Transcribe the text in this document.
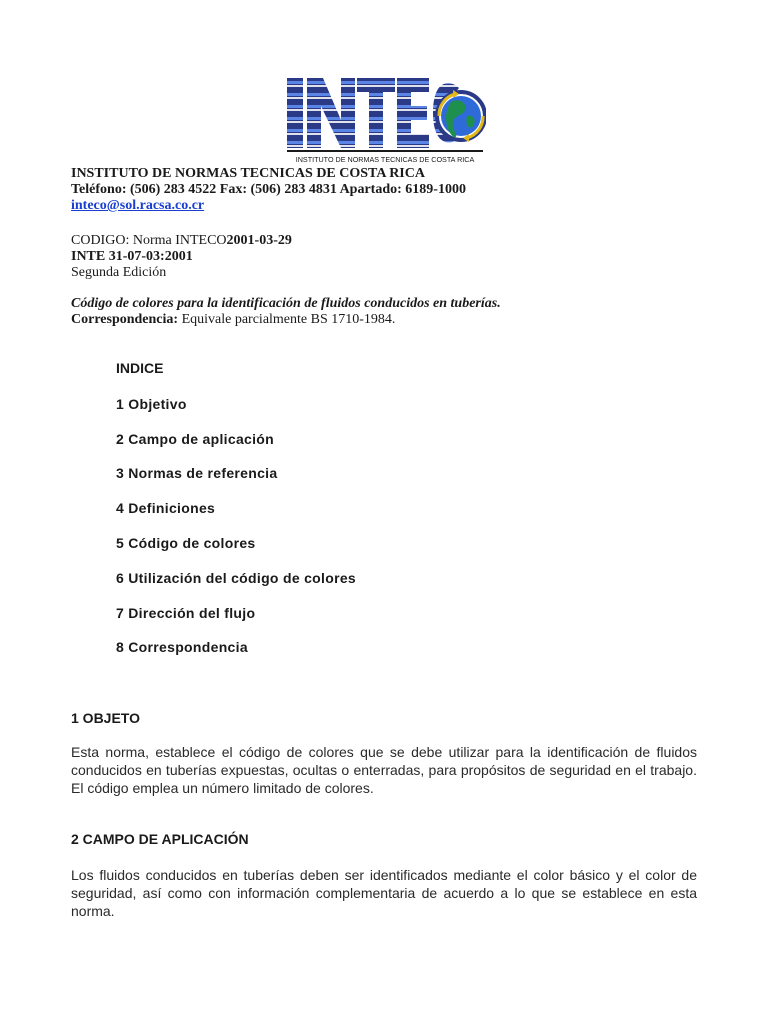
INSTITUTO DE NORMAS TECNICAS DE COSTA RICA
INSTITUTO DE NORMAS TECNICAS DE COSTA RICA
Teléfono: (506) 283 4522 Fax: (506) 283 4831 Apartado: 6189-1000
inteco@sol.racsa.co.cr
CODIGO: Norma INTECO2001-03-29
INTE 31-07-03:2001
Segunda Edición
Código de colores para la identificación de fluidos conducidos en tuberías.
Correspondencia: Equivale parcialmente BS 1710-1984.
INDICE
1 Objetivo
2 Campo de aplicación
3 Normas de referencia
4 Definiciones
5 Código de colores
6 Utilización del código de colores
7 Dirección del flujo
8 Correspondencia
1 OBJETO
Esta norma, establece el código de colores que se debe utilizar para la identificación de fluidos conducidos en tuberías expuestas, ocultas o enterradas, para propósitos de seguridad en el trabajo. El código emplea un número limitado de colores.
2 CAMPO DE APLICACIÓN
Los fluidos conducidos en tuberías deben ser identificados mediante el color básico y el color de seguridad, así como con información complementaria de acuerdo a lo que se establece en esta norma.
